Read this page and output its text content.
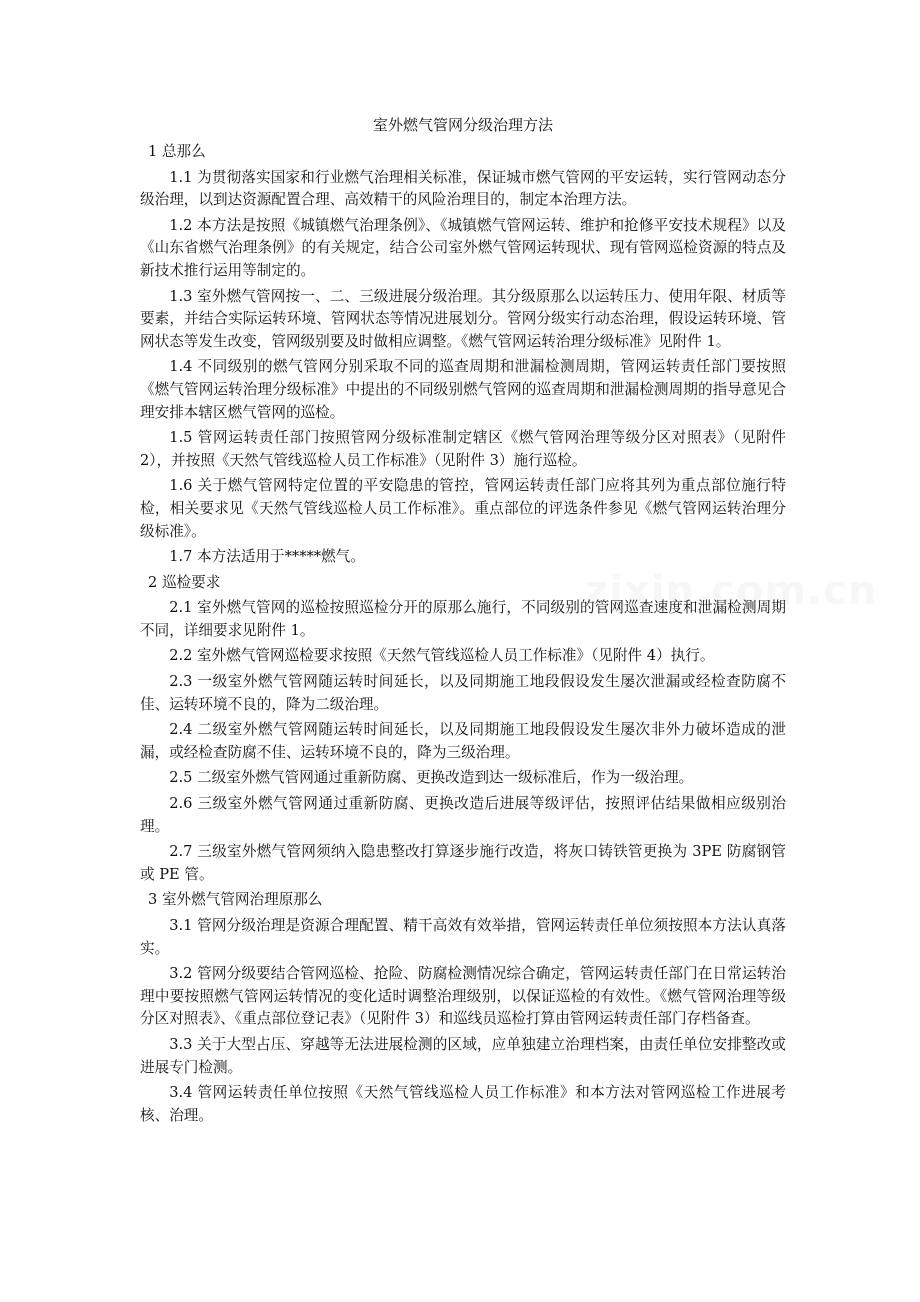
室外燃气管网分级治理方法
1 总那么
1.1 为贯彻落实国家和行业燃气治理相关标准，保证城市燃气管网的平安运转，实行管网动态分级治理，以到达资源配置合理、高效精干的风险治理目的，制定本治理方法。
1.2 本方法是按照《城镇燃气治理条例》、《城镇燃气管网运转、维护和抢修平安技术规程》以及《山东省燃气治理条例》的有关规定，结合公司室外燃气管网运转现状、现有管网巡检资源的特点及新技术推行运用等制定的。
1.3 室外燃气管网按一、二、三级进展分级治理。其分级原那么以运转压力、使用年限、材质等要素，并结合实际运转环境、管网状态等情况进展划分。管网分级实行动态治理，假设运转环境、管网状态等发生改变，管网级别要及时做相应调整。《燃气管网运转治理分级标准》见附件 1。
1.4 不同级别的燃气管网分别采取不同的巡查周期和泄漏检测周期，管网运转责任部门要按照《燃气管网运转治理分级标准》中提出的不同级别燃气管网的巡查周期和泄漏检测周期的指导意见合理安排本辖区燃气管网的巡检。
1.5 管网运转责任部门按照管网分级标准制定辖区《燃气管网治理等级分区对照表》（见附件 2），并按照《天然气管线巡检人员工作标准》（见附件 3）施行巡检。
1.6 关于燃气管网特定位置的平安隐患的管控，管网运转责任部门应将其列为重点部位施行特检，相关要求见《天然气管线巡检人员工作标准》。重点部位的评选条件参见《燃气管网运转治理分级标准》。
1.7 本方法适用于*****燃气。
2 巡检要求
2.1 室外燃气管网的巡检按照巡检分开的原那么施行，不同级别的管网巡查速度和泄漏检测周期不同，详细要求见附件 1。
2.2 室外燃气管网巡检要求按照《天然气管线巡检人员工作标准》（见附件 4）执行。
2.3 一级室外燃气管网随运转时间延长，以及同期施工地段假设发生屡次泄漏或经检查防腐不佳、运转环境不良的，降为二级治理。
2.4 二级室外燃气管网随运转时间延长，以及同期施工地段假设发生屡次非外力破坏造成的泄漏，或经检查防腐不佳、运转环境不良的，降为三级治理。
2.5 二级室外燃气管网通过重新防腐、更换改造到达一级标准后，作为一级治理。
2.6 三级室外燃气管网通过重新防腐、更换改造后进展等级评估，按照评估结果做相应级别治理。
2.7 三级室外燃气管网须纳入隐患整改打算逐步施行改造，将灰口铸铁管更换为 3PE 防腐钢管或 PE 管。
3 室外燃气管网治理原那么
3.1 管网分级治理是资源合理配置、精干高效有效举措，管网运转责任单位须按照本方法认真落实。
3.2 管网分级要结合管网巡检、抢险、防腐检测情况综合确定，管网运转责任部门在日常运转治理中要按照燃气管网运转情况的变化适时调整治理级别，以保证巡检的有效性。《燃气管网治理等级分区对照表》、《重点部位登记表》（见附件 3）和巡线员巡检打算由管网运转责任部门存档备查。
3.3 关于大型占压、穿越等无法进展检测的区域，应单独建立治理档案，由责任单位安排整改或进展专门检测。
3.4 管网运转责任单位按照《天然气管线巡检人员工作标准》和本方法对管网巡检工作进展考核、治理。
zixin.com.cn
